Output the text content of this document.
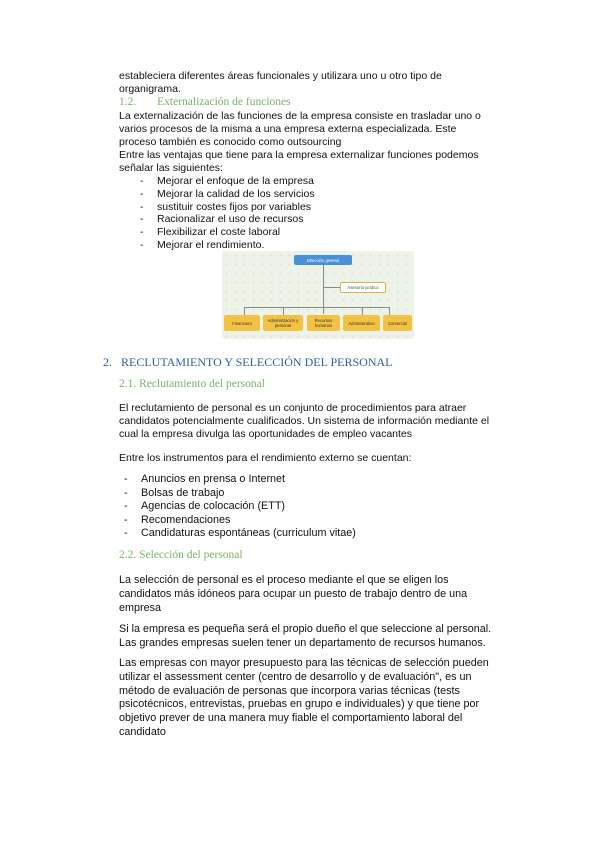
estableciera diferentes áreas funcionales y utilizara uno u otro tipo de
organigrama.

1.2. Externalización de funciones

La externalización de las funciones de la empresa consiste en trasladar uno o
varios procesos de la misma a una empresa externa especializada. Este
proceso también es conocido como outsourcing
Entre las ventajas que tiene para la empresa externalizar funciones podemos
señalar las siguientes:

- Mejorar el enfoque de la empresa
- Mejorar la calidad de los servicios
- sustituir costes fijos por variables
- Racionalizar el uso de recursos
- Flexibilizar el coste laboral
- Mejorar el rendimiento.
Dirección general
Asesoría jurídica
Financiero	Administración y personal
Recursos humanos	Administrativo	Comercial
2.   RECLUTAMIENTO Y SELECCIÓN DEL PERSONAL
2.1. Reclutamiento del personal

El reclutamiento de personal es un conjunto de procedimientos para atraer
candidatos potencialmente cualificados. Un sistema de información mediante el
cual la empresa divulga las oportunidades de empleo vacantes

Entre los instrumentos para el rendimiento externo se cuentan:

- Anuncios en prensa o Internet
- Bolsas de trabajo
- Agencias de colocación (ETT)
- Recomendaciones
- Candidaturas espontáneas (curriculum vitae)
2.2. Selección del personal

La selección de personal es el proceso mediante el que se eligen los
candidatos más idóneos para ocupar un puesto de trabajo dentro de una
empresa

Si la empresa es pequeña será el propio dueño el que seleccione al personal.
Las grandes empresas suelen tener un departamento de recursos humanos.

Las empresas con mayor presupuesto para las técnicas de selección pueden
utilizar el assessment center (centro de desarrollo y de evaluación", es un
método de evaluación de personas que incorpora varias técnicas (tests
psicotécnicos, entrevistas, pruebas en grupo e individuales) y que tiene por
objetivo prever de una manera muy fiable el comportamiento laboral del
candidato
